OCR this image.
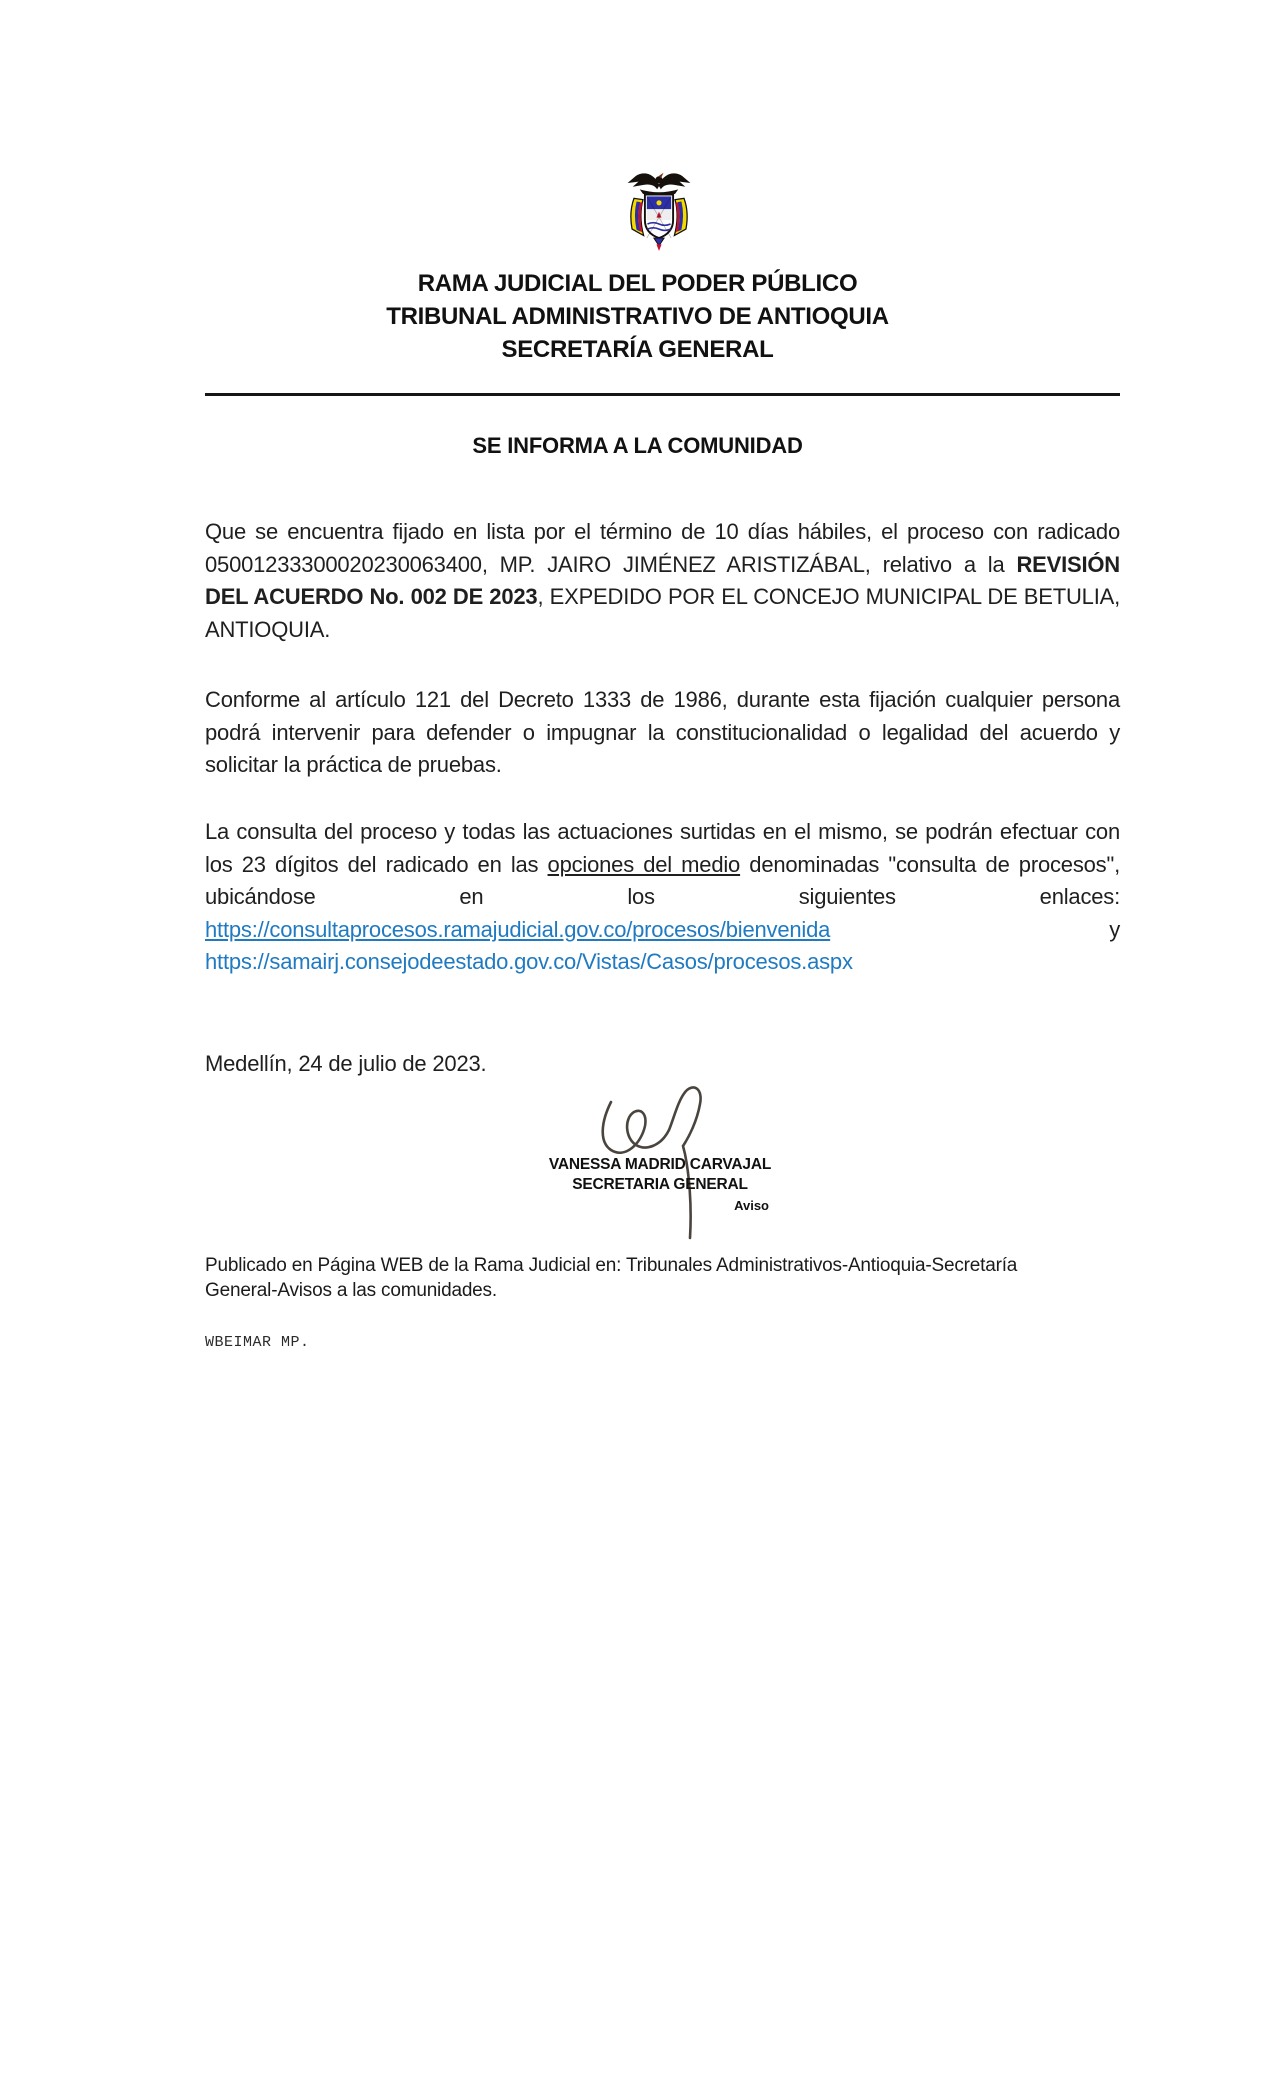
RAMA JUDICIAL DEL PODER PÚBLICO
TRIBUNAL ADMINISTRATIVO DE ANTIOQUIA
SECRETARÍA GENERAL
SE INFORMA A LA COMUNIDAD

Que se encuentra fijado en lista por el término de 10 días hábiles, el proceso con radicado 05001233300020230063400, MP. JAIRO JIMÉNEZ ARISTIZÁBAL, relativo a la REVISIÓN DEL ACUERDO No. 002 DE 2023, EXPEDIDO POR EL CONCEJO MUNICIPAL DE BETULIA, ANTIOQUIA.

Conforme al artículo 121 del Decreto 1333 de 1986, durante esta fijación cualquier persona podrá intervenir para defender o impugnar la constitucionalidad o legalidad del acuerdo y solicitar la práctica de pruebas.

La consulta del proceso y todas las actuaciones surtidas en el mismo, se podrán efectuar con los 23 dígitos del radicado en las opciones del medio denominadas "consulta de procesos", ubicándose en los siguientes enlaces: https://consultaprocesos.ramajudicial.gov.co/procesos/bienvenida y https://samairj.consejodeestado.gov.co/Vistas/Casos/procesos.aspx

Medellín, 24 de julio de 2023.

VANESSA MADRID CARVAJAL
SECRETARIA GENERAL
Aviso

Publicado en Página WEB de la Rama Judicial en: Tribunales Administrativos-Antioquia-Secretaría General-Avisos a las comunidades.

WBEIMAR MP.
